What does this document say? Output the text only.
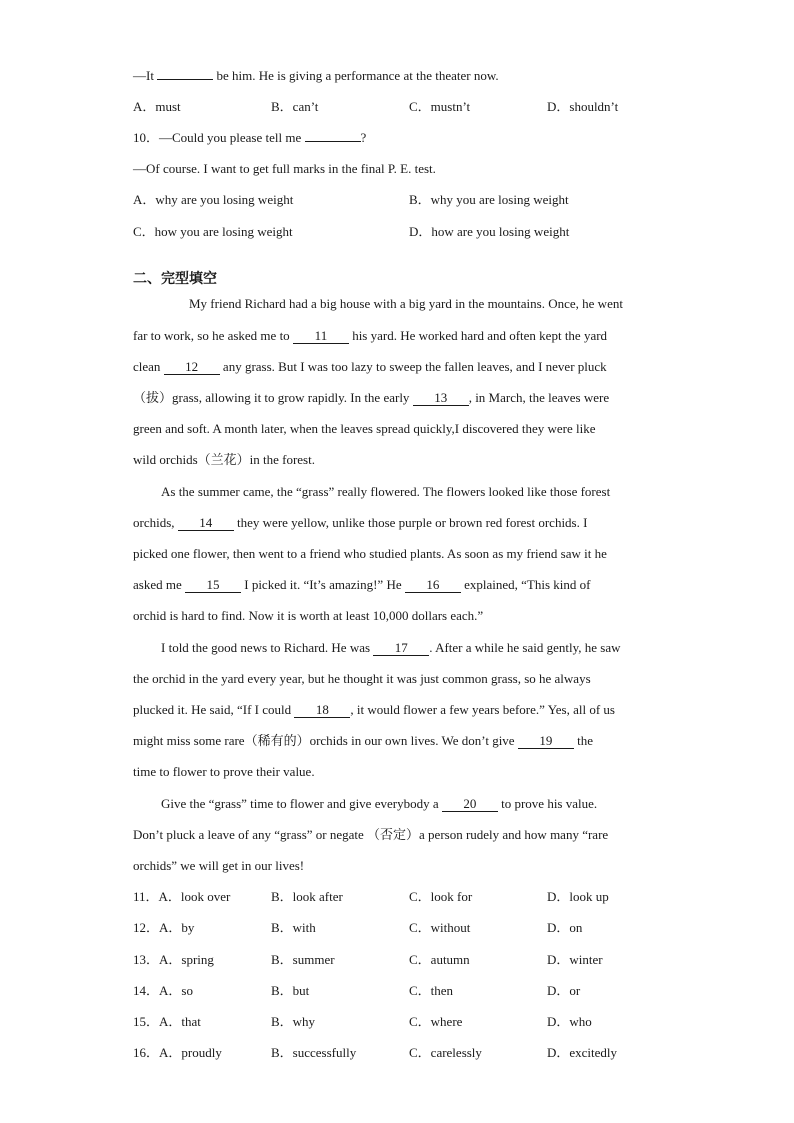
—It	be him. He is giving a performance at the theater now.
A．must	B．can’t	C．mustn’t	D．shouldn’t
10．—Could you please tell me	?
—Of course. I want to get full marks in the final P. E. test.
A．why are you losing weight	B．why you are losing weight
C．how you are losing weight	D．how are you losing weight
二、完型填空
My friend Richard had a big house with a big yard in the mountains. Once, he went
far to work, so he asked me to 11 his yard. He worked hard and often kept the yard
clean 12 any grass. But I was too lazy to sweep the fallen leaves, and I never pluck
（拔）grass, allowing it to grow rapidly. In the early 13 , in March, the leaves were
green and soft. A month later, when the leaves spread quickly,I discovered they were like
wild orchids（兰花）in the forest.
As the summer came, the “grass” really flowered. The flowers looked like those forest
orchids, 14 they were yellow, unlike those purple or brown red forest orchids. I
picked one flower, then went to a friend who studied plants. As soon as my friend saw it he
asked me 15 I picked it. “It’s amazing!” He 16 explained, “This kind of
orchid is hard to find. Now it is worth at least 10,000 dollars each.”
I told the good news to Richard. He was 17 . After a while he said gently, he saw
the orchid in the yard every year, but he thought it was just common grass, so he always
plucked it. He said, “If I could 18 , it would flower a few years before.” Yes, all of us
might miss some rare（稀有的）orchids in our own lives. We don’t give 19 the
time to flower to prove their value.
Give the “grass” time to flower and give everybody a 20 to prove his value.
Don’t pluck a leave of any “grass” or negate （否定）a person rudely and how many “rare
orchids” we will get in our lives!
11．A．look over	B．look after	C．look for	D．look up
12．A．by	B．with	C．without	D．on
13．A．spring	B．summer	C．autumn	D．winter
14．A．so	B．but	C．then	D．or
15．A．that	B．why	C．where	D．who
16．A．proudly	B．successfully	C．carelessly	D．excitedly
